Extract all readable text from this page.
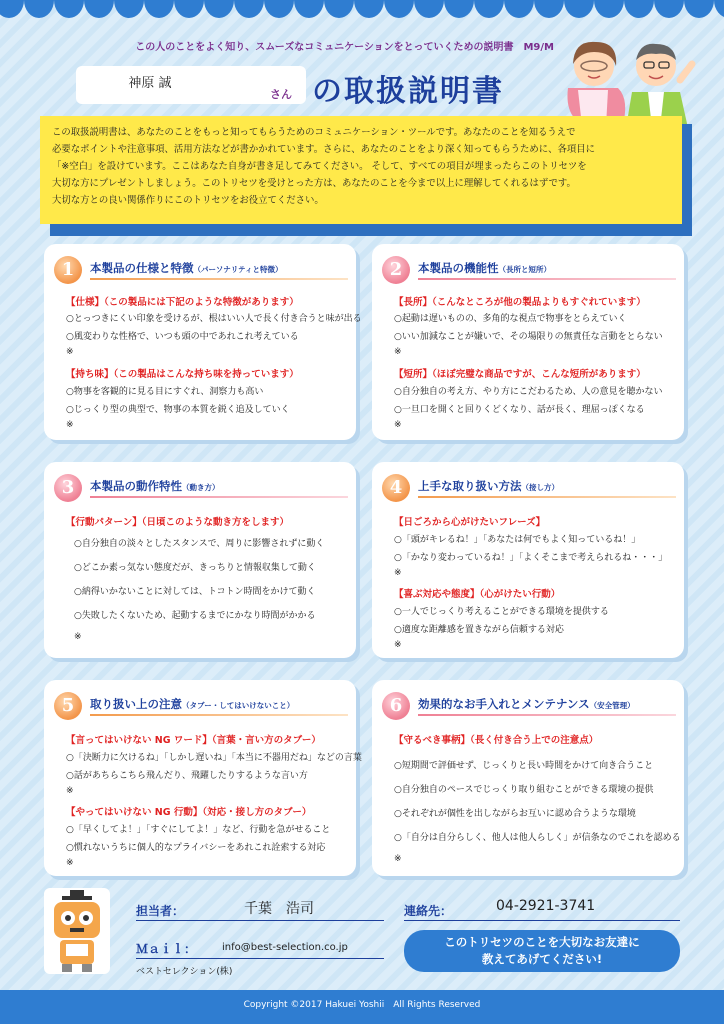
この人のことをよく知り、スムーズなコミュニケーションをとっていくための説明書　M9/M
神原 誠
さん の取扱説明書
この取扱説明書は、あなたのことをもっと知ってもらうためのコミュニケーション・ツールです。あなたのことを知るうえで
必要なポイントや注意事項、活用方法などが書かかれています。さらに、あなたのことをより深く知ってもらうために、各項目に
「※空白」を設けています。ここはあなた自身が書き足してみてください。 そして、すべての項目が埋まったらこのトリセツを
大切な方にプレゼントしましょう。このトリセツを受けとった方は、あなたのことを今まで以上に理解してくれるはずです。
大切な方との良い関係作りにこのトリセツをお役立てください。
1	本製品の仕様と特徴（パーソナリティと特徴）
【仕様】（この製品には下記のような特徴があります）
○とっつきにくい印象を受けるが、根はいい人で長く付き合うと味が出る
○風変わりな性格で、いつも頭の中であれこれ考えている
※
【持ち味】（この製品はこんな持ち味を持っています）
○物事を客観的に見る目にすぐれ、洞察力も高い
○じっくり型の典型で、物事の本質を鋭く追及していく
※
2	本製品の機能性（長所と短所）
【長所】（こんなところが他の製品よりもすぐれています）
○起動は遅いものの、多角的な視点で物事をとらえていく
○いい加減なことが嫌いで、その場限りの無責任な言動をとらない
※
【短所】（ほぼ完璧な商品ですが、こんな短所があります）
○自分独自の考え方、やり方にこだわるため、人の意見を聴かない
○一旦口を開くと回りくどくなり、話が長く、理屈っぽくなる
※
3	本製品の動作特性（動き方）
【行動パターン】（日頃このような動き方をします）
○自分独自の淡々としたスタンスで、周りに影響されずに動く
○どこか素っ気ない態度だが、きっちりと情報収集して動く
○納得いかないことに対しては、トコトン時間をかけて動く
○失敗したくないため、起動するまでにかなり時間がかかる
※
4	上手な取り扱い方法（接し方）
【日ごろから心がけたいフレーズ】
○「頭がキレるね！」「あなたは何でもよく知っているね！」
○「かなり変わっているね！」「よくそこまで考えられるね・・・」
※
【喜ぶ対応や態度】（心がけたい行動）
○一人でじっくり考えることができる環境を提供する
○適度な距離感を置きながら信頼する対応
※
5	取り扱い上の注意（タブー・してはいけないこと）
【言ってはいけない NG ワード】（言葉・言い方のタブー）
○「決断力に欠けるね」「しかし遅いね」「本当に不器用だね」などの言葉
○話があちらこちら飛んだり、飛躍したりするような言い方
※
【やってはいけない NG 行動】（対応・接し方のタブー）
○「早くしてよ！」「すぐにしてよ！」など、行動を急がせること
○慣れないうちに個人的なプライバシーをあれこれ詮索する対応
※
6	効果的なお手入れとメンテナンス（安全管理）
【守るべき事柄】（長く付き合う上での注意点）
○短期間で評価せず、じっくりと長い時間をかけて向き合うこと
○自分独自のペースでじっくり取り組むことができる環境の提供
○それぞれが個性を出しながらお互いに認め合うような環境
○「自分は自分らしく、他人は他人らしく」が信条なのでこれを認める
※
担当者：	千葉　浩司	連絡先：	04-2921-3741
Ｍａｉｌ：	info@best-selection.co.jp
ベストセレクション(株)
このトリセツのことを大切なお友達に
教えてあげてください!
Copyright ©2017 Hakuei Yoshii　All Rights Reserved
